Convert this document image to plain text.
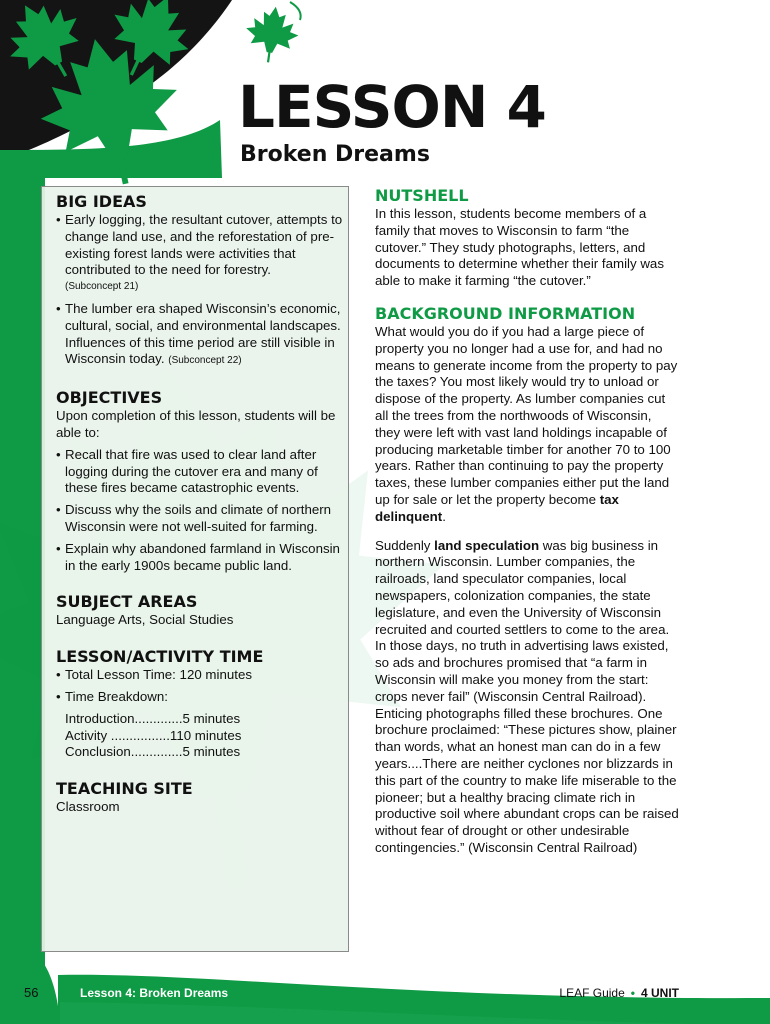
LESSON 4
Broken Dreams
BIG IDEAS
• Early logging, the resultant cutover, attempts to change land use, and the reforestation of pre-existing forest lands were activities that contributed to the need for forestry.
(Subconcept 21)
• The lumber era shaped Wisconsin’s economic, cultural, social, and environmental landscapes. Influences of this time period are still visible in Wisconsin today. (Subconcept 22)
OBJECTIVES

Upon completion of this lesson, students will be able to:

• Recall that fire was used to clear land after logging during the cutover era and many of these fires became catastrophic events.
• Discuss why the soils and climate of northern Wisconsin were not well-suited for farming.
• Explain why abandoned farmland in Wisconsin in the early 1900s became public land.
SUBJECT AREAS

Language Arts, Social Studies

LESSON/ACTIVITY TIME
• Total Lesson Time: 120 minutes
• Time Breakdown:
Introduction.............5 minutes
Activity ................110 minutes
Conclusion..............5 minutes
TEACHING SITE

Classroom

NUTSHELL

In this lesson, students become members of a family that moves to Wisconsin to farm “the cutover.” They study photographs, letters, and documents to determine whether their family was able to make it farming “the cutover.”

BACKGROUND INFORMATION

What would you do if you had a large piece of property you no longer had a use for, and had no means to generate income from the property to pay the taxes? You most likely would try to unload or dispose of the property. As lumber companies cut all the trees from the northwoods of Wisconsin, they were left with vast land holdings incapable of producing marketable timber for another 70 to 100 years. Rather than continuing to pay the property taxes, these lumber companies either put the land up for sale or let the property become tax delinquent.

Suddenly land speculation was big business in northern Wisconsin. Lumber companies, the railroads, land speculator companies, local newspapers, colonization companies, the state legislature, and even the University of Wisconsin recruited and courted settlers to come to the area. In those days, no truth in advertising laws existed, so ads and brochures promised that “a farm in Wisconsin will make you money from the start: crops never fail” (Wisconsin Central Railroad). Enticing photographs filled these brochures. One brochure proclaimed: “These pictures show, plainer than words, what an honest man can do in a few years....There are neither cyclones nor blizzards in this part of the country to make life miserable to the pioneer; but a healthy bracing climate rich in productive soil where abundant crops can be raised without fear of drought or other undesirable contingencies.” (Wisconsin Central Railroad)

56	Lesson 4: Broken Dreams	LEAF Guide • 4 UNIT
